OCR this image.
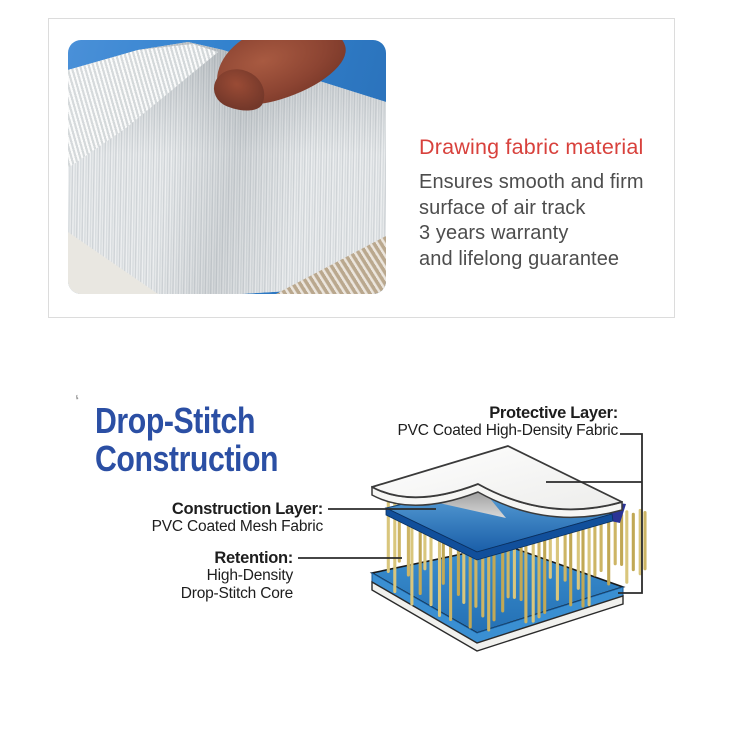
Drawing fabric material
Ensures smooth and firm
surface of air track
3 years warranty
and lifelong guarantee
‘ Drop-Stitch
Construction
Protective Layer:
PVC Coated High-Density Fabric
Construction Layer:
PVC Coated Mesh Fabric
Retention:
High-Density
Drop-Stitch Core
